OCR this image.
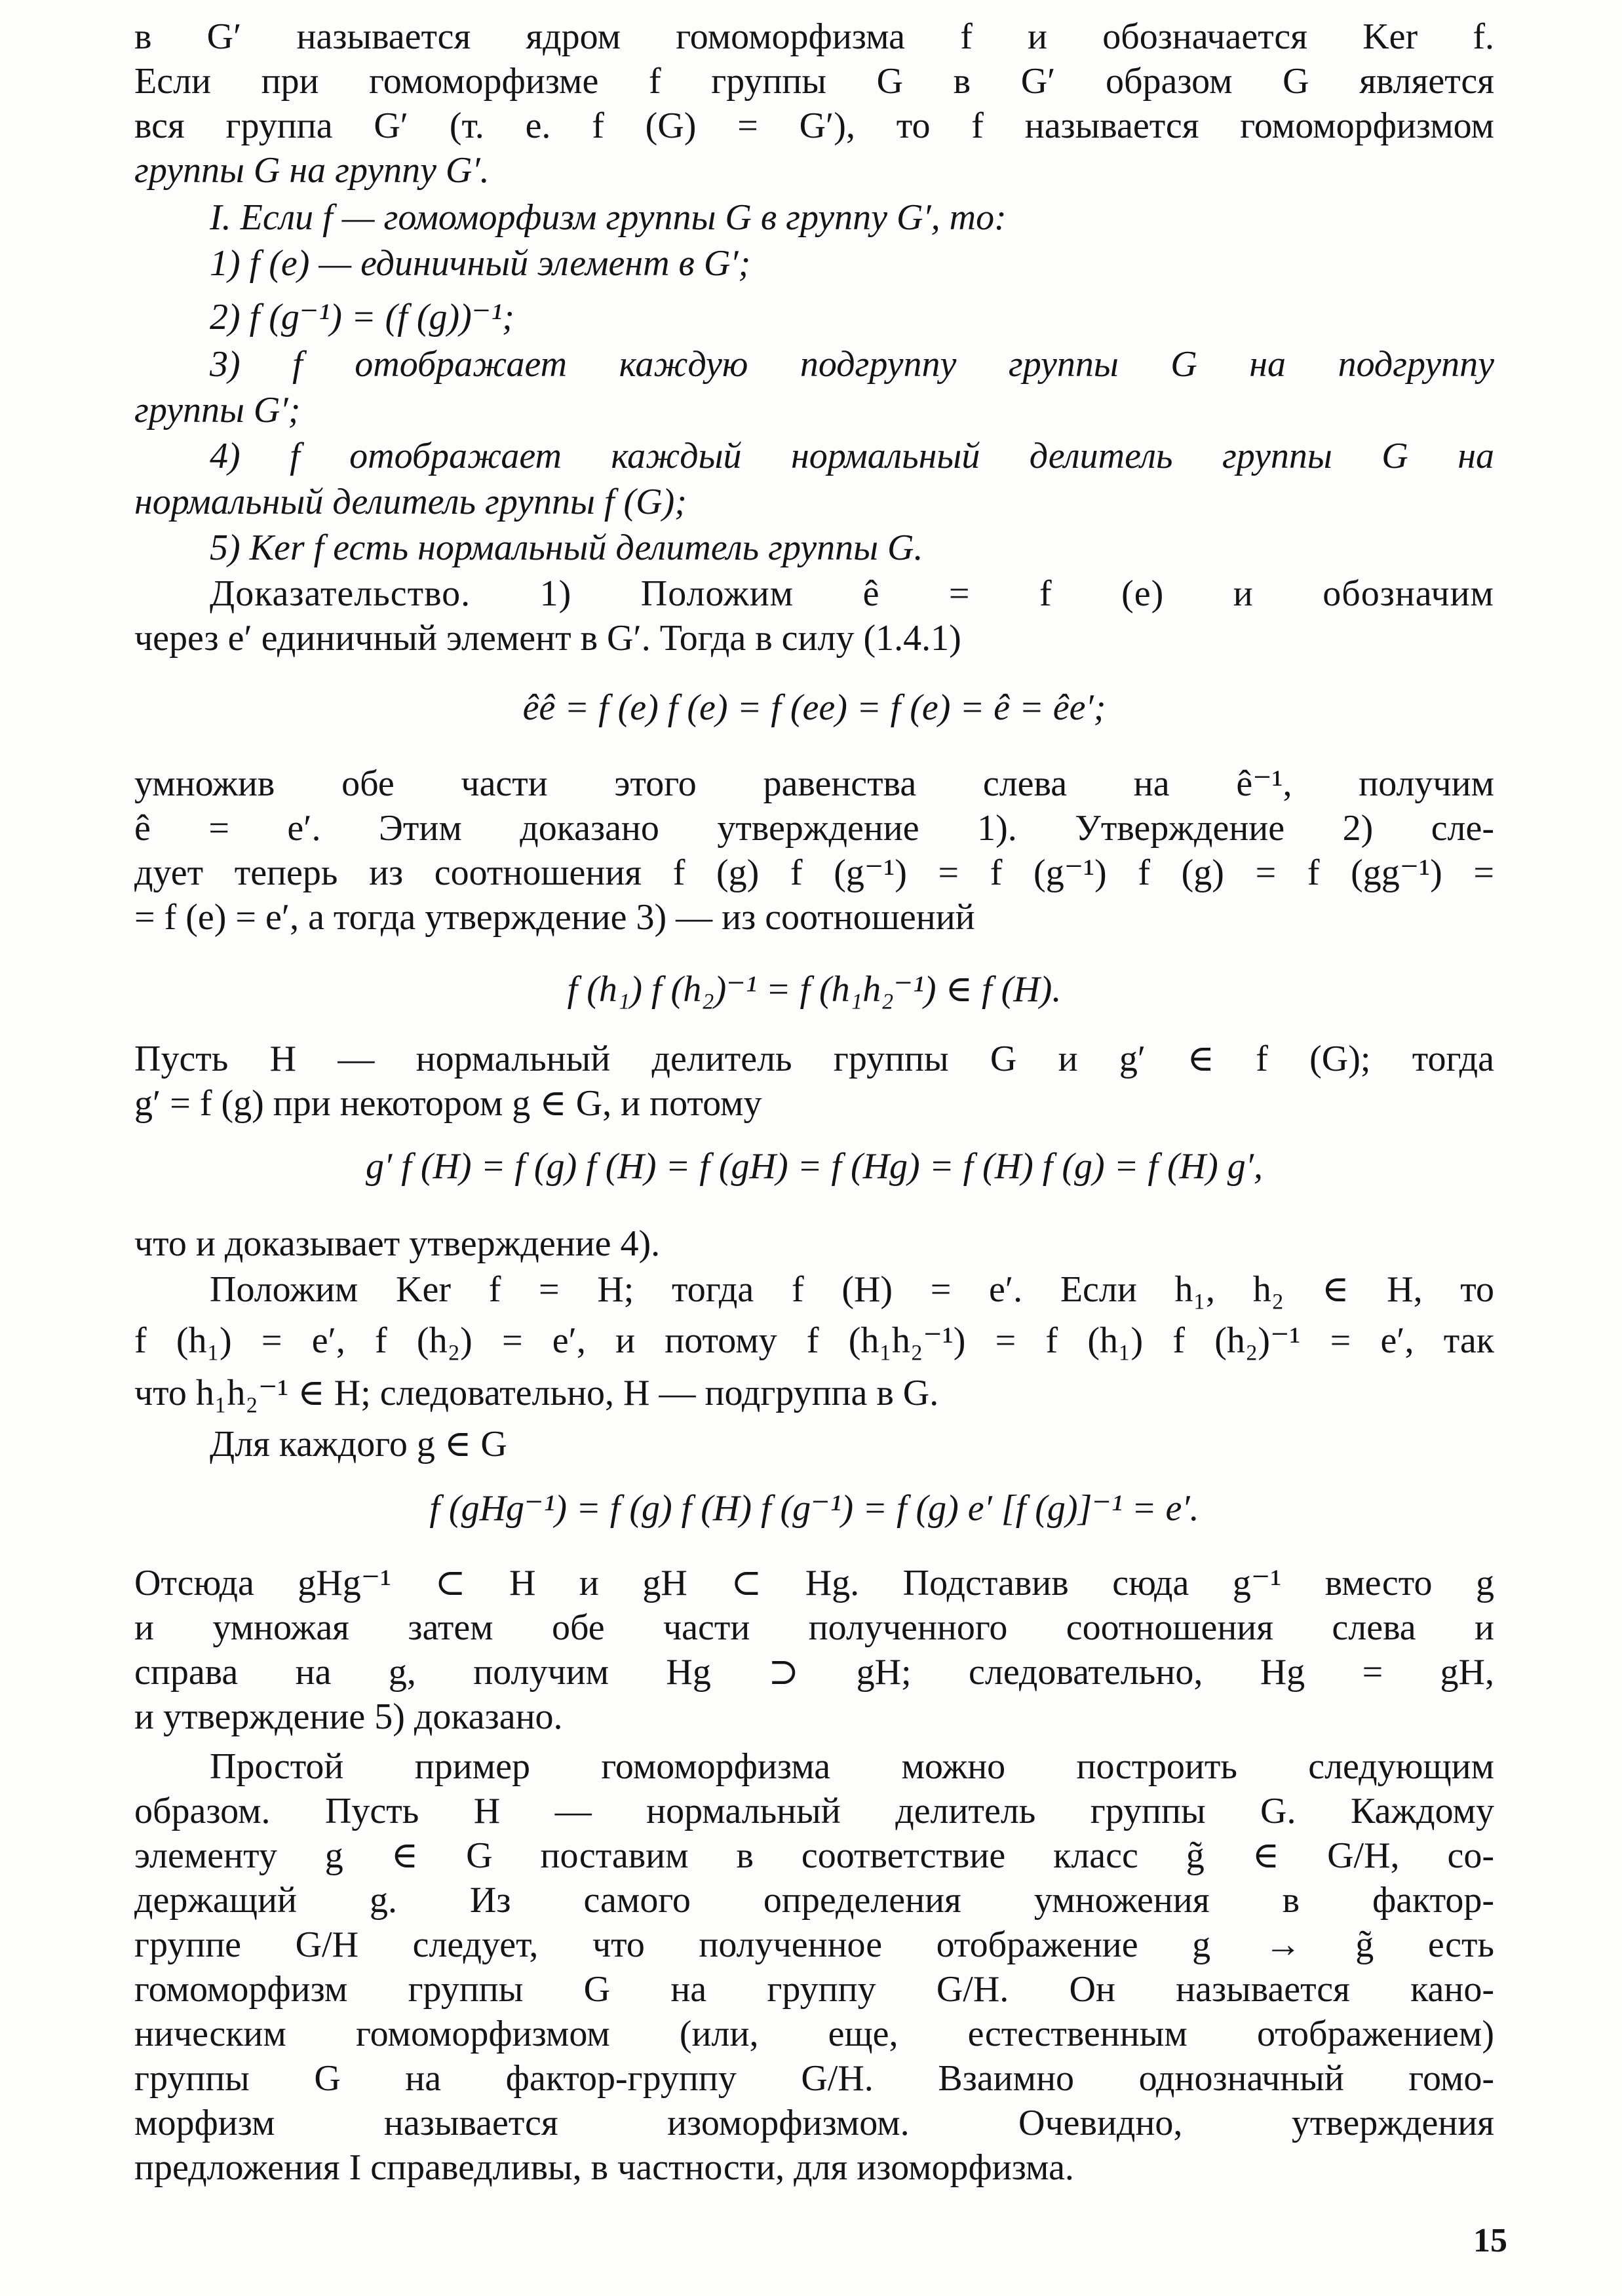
в G′ называется ядром гомоморфизма f и обозначается Ker f.
Если при гомоморфизме f группы G в G′ образом G является
вся группа G′ (т. е. f (G) = G′), то f называется гомоморфизмом
группы G на группу G′.
I. Если f — гомоморфизм группы G в группу G′, то:
1) f (e) — единичный элемент в G′;
2) f (g⁻¹) = (f (g))⁻¹;
3) f отображает каждую подгруппу группы G на подгруппу
группы G′;
4) f отображает каждый нормальный делитель группы G на
нормальный делитель группы f (G);
5) Ker f есть нормальный делитель группы G.
Доказательство. 1) Положим ê = f (e) и обозначим
через e′ единичный элемент в G′. Тогда в силу (1.4.1)
êê = f (e) f (e) = f (ee) = f (e) = ê = êe′;
умножив обе части этого равенства слева на ê⁻¹, получим
ê = e′. Этим доказано утверждение 1). Утверждение 2) сле-
дует теперь из соотношения f (g) f (g⁻¹) = f (g⁻¹) f (g) = f (gg⁻¹) =
= f (e) = e′, а тогда утверждение 3) — из соотношений
f (h₁) f (h₂)⁻¹ = f (h₁h₂⁻¹) ∈ f (H).
Пусть H — нормальный делитель группы G и g′ ∈ f (G); тогда
g′ = f (g) при некотором g ∈ G, и потому
g′ f (H) = f (g) f (H) = f (gH) = f (Hg) = f (H) f (g) = f (H) g′,
что и доказывает утверждение 4).
Положим Ker f = H; тогда f (H) = e′. Если h₁, h₂ ∈ H, то
f (h₁) = e′, f (h₂) = e′, и потому f (h₁h₂⁻¹) = f (h₁) f (h₂)⁻¹ = e′, так
что h₁h₂⁻¹ ∈ H; следовательно, H — подгруппа в G.
Для каждого g ∈ G
f (gHg⁻¹) = f (g) f (H) f (g⁻¹) = f (g) e′ [f (g)]⁻¹ = e′.
Отсюда gHg⁻¹ ⊂ H и gH ⊂ Hg. Подставив сюда g⁻¹ вместо g
и умножая затем обе части полученного соотношения слева и
справа на g, получим Hg ⊃ gH; следовательно, Hg = gH,
и утверждение 5) доказано.
Простой пример гомоморфизма можно построить следующим
образом. Пусть H — нормальный делитель группы G. Каждому
элементу g ∈ G поставим в соответствие класс g̃ ∈ G/H, со-
держащий g. Из самого определения умножения в фактор-
группе G/H следует, что полученное отображение g → g̃ есть
гомоморфизм группы G на группу G/H. Он называется кано-
ническим гомоморфизмом (или, еще, естественным отображением)
группы G на фактор-группу G/H. Взаимно однозначный гомо-
морфизм называется изоморфизмом. Очевидно, утверждения
предложения I справедливы, в частности, для изоморфизма.
15
